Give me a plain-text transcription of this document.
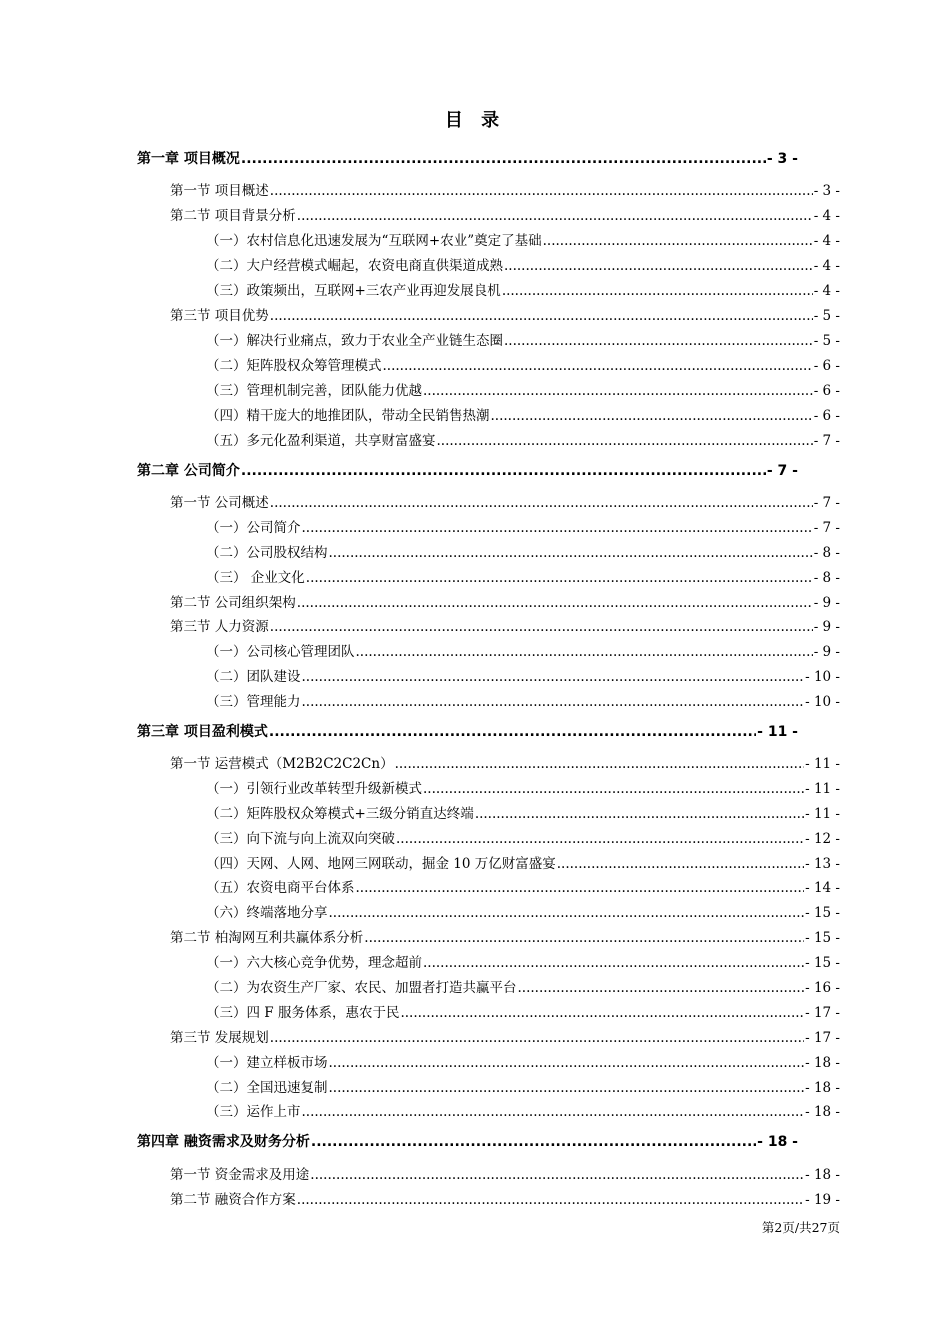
目 录
第一章 项目概况 .....	- 3 -
第一节 项目概述 .....	- 3 -
第二节 项目背景分析 .....	- 4 -
（一）农村信息化迅速发展为“互联网+农业”奠定了基础 .....	- 4 -
（二）大户经营模式崛起，农资电商直供渠道成熟 .....	- 4 -
（三）政策频出，互联网+三农产业再迎发展良机 .....	- 4 -
第三节 项目优势 .....	- 5 -
（一）解决行业痛点，致力于农业全产业链生态圈 .....	- 5 -
（二）矩阵股权众筹管理模式 .....	- 6 -
（三）管理机制完善，团队能力优越 .....	- 6 -
（四）精干庞大的地推团队，带动全民销售热潮 .....	- 6 -
（五）多元化盈利渠道，共享财富盛宴 .....	- 7 -
第二章 公司简介 .....	- 7 -
第一节 公司概述 .....	- 7 -
（一）公司简介 .....	- 7 -
（二）公司股权结构 .....	- 8 -
（三） 企业文化 .....	- 8 -
第二节 公司组织架构 .....	- 9 -
第三节 人力资源 .....	- 9 -
（一）公司核心管理团队 .....	- 9 -
（二）团队建设 .....	- 10 -
（三）管理能力 .....	- 10 -
第三章 项目盈利模式 .....	- 11 -
第一节 运营模式（M2B2C2C2Cn） .....	- 11 -
（一）引领行业改革转型升级新模式 .....	- 11 -
（二）矩阵股权众筹模式+三级分销直达终端 .....	- 11 -
（三）向下流与向上流双向突破 .....	- 12 -
（四）天网、人网、地网三网联动，掘金 10 万亿财富盛宴 .....	- 13 -
（五）农资电商平台体系 .....	- 14 -
（六）终端落地分享 .....	- 15 -
第二节 柏淘网互利共赢体系分析 .....	- 15 -
（一）六大核心竞争优势，理念超前 .....	- 15 -
（二）为农资生产厂家、农民、加盟者打造共赢平台 .....	- 16 -
（三）四 F 服务体系，惠农于民 .....	- 17 -
第三节 发展规划 .....	- 17 -
（一）建立样板市场 .....	- 18 -
（二）全国迅速复制 .....	- 18 -
（三）运作上市 .....	- 18 -
第四章 融资需求及财务分析 .....	- 18 -
第一节 资金需求及用途 .....	- 18 -
第二节 融资合作方案 .....	- 19 -
第2页/共27页
